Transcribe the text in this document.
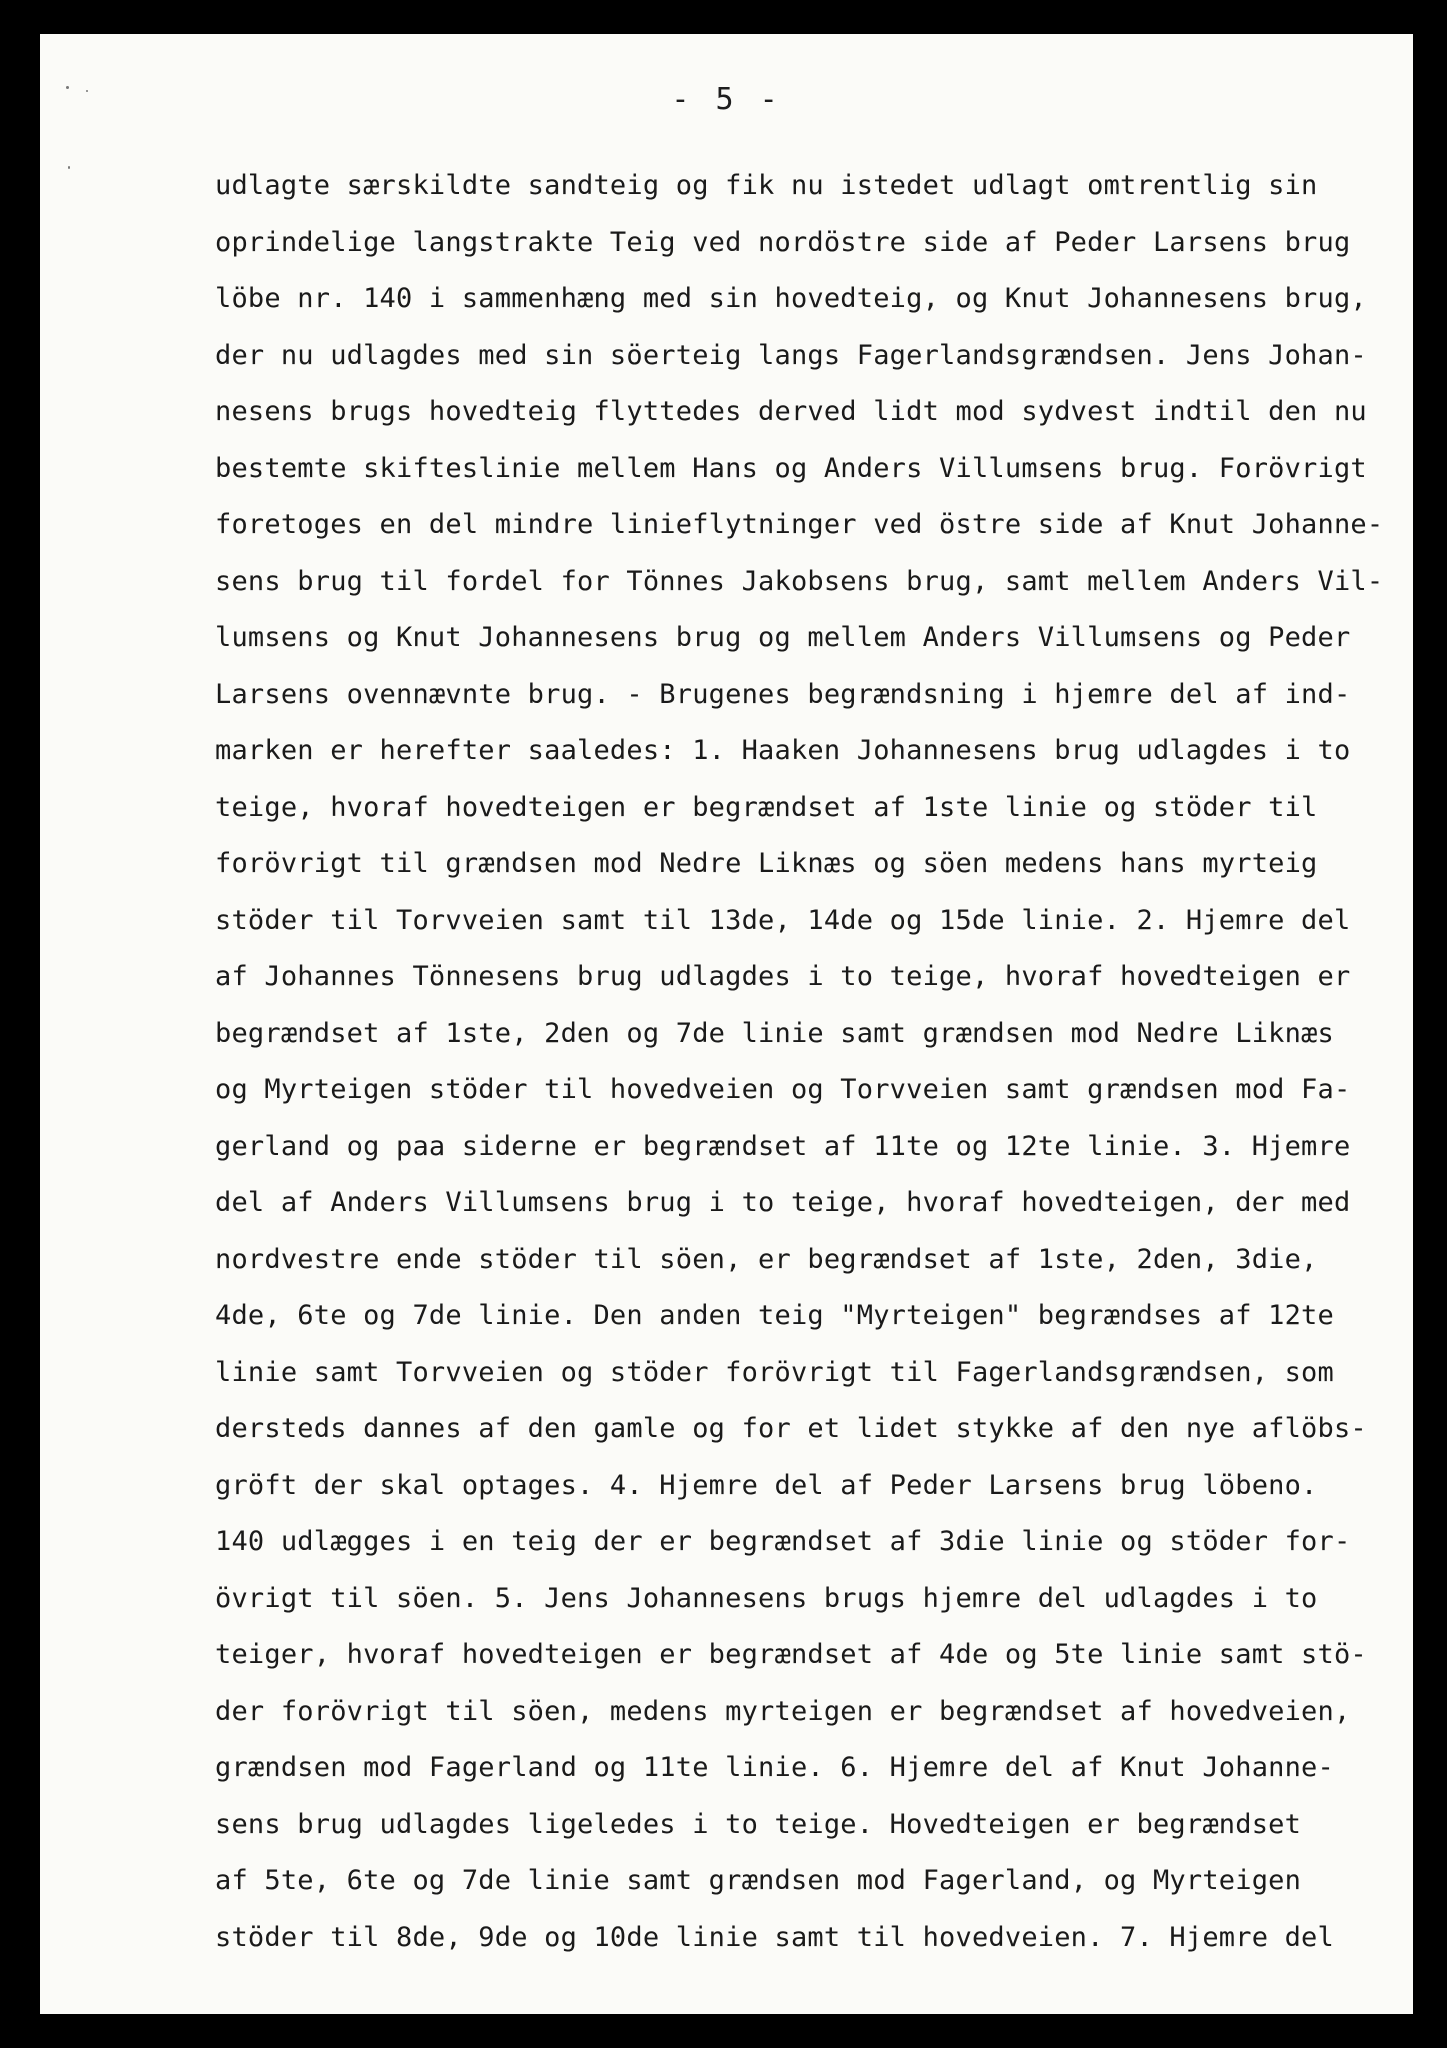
- 5 -
udlagte særskildte sandteig og fik nu istedet udlagt omtrentlig sin
oprindelige langstrakte Teig ved nordöstre side af Peder Larsens brug
löbe nr. 140 i sammenhæng med sin hovedteig, og Knut Johannesens brug,
der nu udlagdes med sin söerteig langs Fagerlandsgrændsen. Jens Johan-
nesens brugs hovedteig flyttedes derved lidt mod sydvest indtil den nu
bestemte skifteslinie mellem Hans og Anders Villumsens brug. Forövrigt
foretoges en del mindre linieflytninger ved östre side af Knut Johanne-
sens brug til fordel for Tönnes Jakobsens brug, samt mellem Anders Vil-
lumsens og Knut Johannesens brug og mellem Anders Villumsens og Peder
Larsens ovennævnte brug. - Brugenes begrændsning i hjemre del af ind-
marken er herefter saaledes: 1. Haaken Johannesens brug udlagdes i to
teige, hvoraf hovedteigen er begrændset af 1ste linie og stöder til
forövrigt til grændsen mod Nedre Liknæs og söen medens hans myrteig
stöder til Torvveien samt til 13de, 14de og 15de linie. 2. Hjemre del
af Johannes Tönnesens brug udlagdes i to teige, hvoraf hovedteigen er
begrændset af 1ste, 2den og 7de linie samt grændsen mod Nedre Liknæs
og Myrteigen stöder til hovedveien og Torvveien samt grændsen mod Fa-
gerland og paa siderne er begrændset af 11te og 12te linie. 3. Hjemre
del af Anders Villumsens brug i to teige, hvoraf hovedteigen, der med
nordvestre ende stöder til söen, er begrændset af 1ste, 2den, 3die,
4de, 6te og 7de linie. Den anden teig "Myrteigen" begrændses af 12te
linie samt Torvveien og stöder forövrigt til Fagerlandsgrændsen, som
dersteds dannes af den gamle og for et lidet stykke af den nye aflöbs-
gröft der skal optages. 4. Hjemre del af Peder Larsens brug löbeno.
140 udlægges i en teig der er begrændset af 3die linie og stöder for-
övrigt til söen. 5. Jens Johannesens brugs hjemre del udlagdes i to
teiger, hvoraf hovedteigen er begrændset af 4de og 5te linie samt stö-
der forövrigt til söen, medens myrteigen er begrændset af hovedveien,
grændsen mod Fagerland og 11te linie. 6. Hjemre del af Knut Johanne-
sens brug udlagdes ligeledes i to teige. Hovedteigen er begrændset
af 5te, 6te og 7de linie samt grændsen mod Fagerland, og Myrteigen
stöder til 8de, 9de og 10de linie samt til hovedveien. 7. Hjemre del
